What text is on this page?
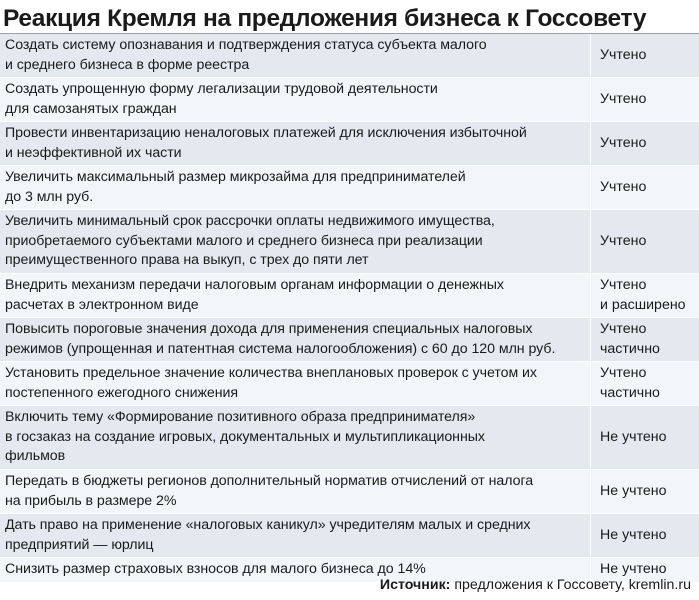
Реакция Кремля на предложения бизнеса к Госсовету
Создать систему опознавания и подтверждения статуса субъекта малого
и среднего бизнеса в форме реестра
Учтено
Создать упрощенную форму легализации трудовой деятельности
для самозанятых граждан
Учтено
Провести инвентаризацию неналоговых платежей для исключения избыточной
и неэффективной их части
Учтено
Увеличить максимальный размер микрозайма для предпринимателей
до 3 млн руб.
Учтено
Увеличить минимальный срок рассрочки оплаты недвижимого имущества,
приобретаемого субъектами малого и среднего бизнеса при реализации
преимущественного права на выкуп, с трех до пяти лет
Учтено
Внедрить механизм передачи налоговым органам информации о денежных
расчетах в электронном виде
Учтено
и расширено
Повысить пороговые значения дохода для применения специальных налоговых
режимов (упрощенная и патентная система налогообложения) с 60 до 120 млн руб.
Учтено
частично
Установить предельное значение количества внеплановых проверок с учетом их
постепенного ежегодного снижения
Учтено
частично
Включить тему «Формирование позитивного образа предпринимателя»
в госзаказ на создание игровых, документальных и мультипликационных
фильмов
Не учтено
Передать в бюджеты регионов дополнительный норматив отчислений от налога
на прибыль в размере 2%
Не учтено
Дать право на применение «налоговых каникул» учредителям малых и средних
предприятий — юрлиц
Не учтено
Снизить размер страховых взносов для малого бизнеса до 14%	Не учтено
Источник: предложения к Госсовету, kremlin.ru
